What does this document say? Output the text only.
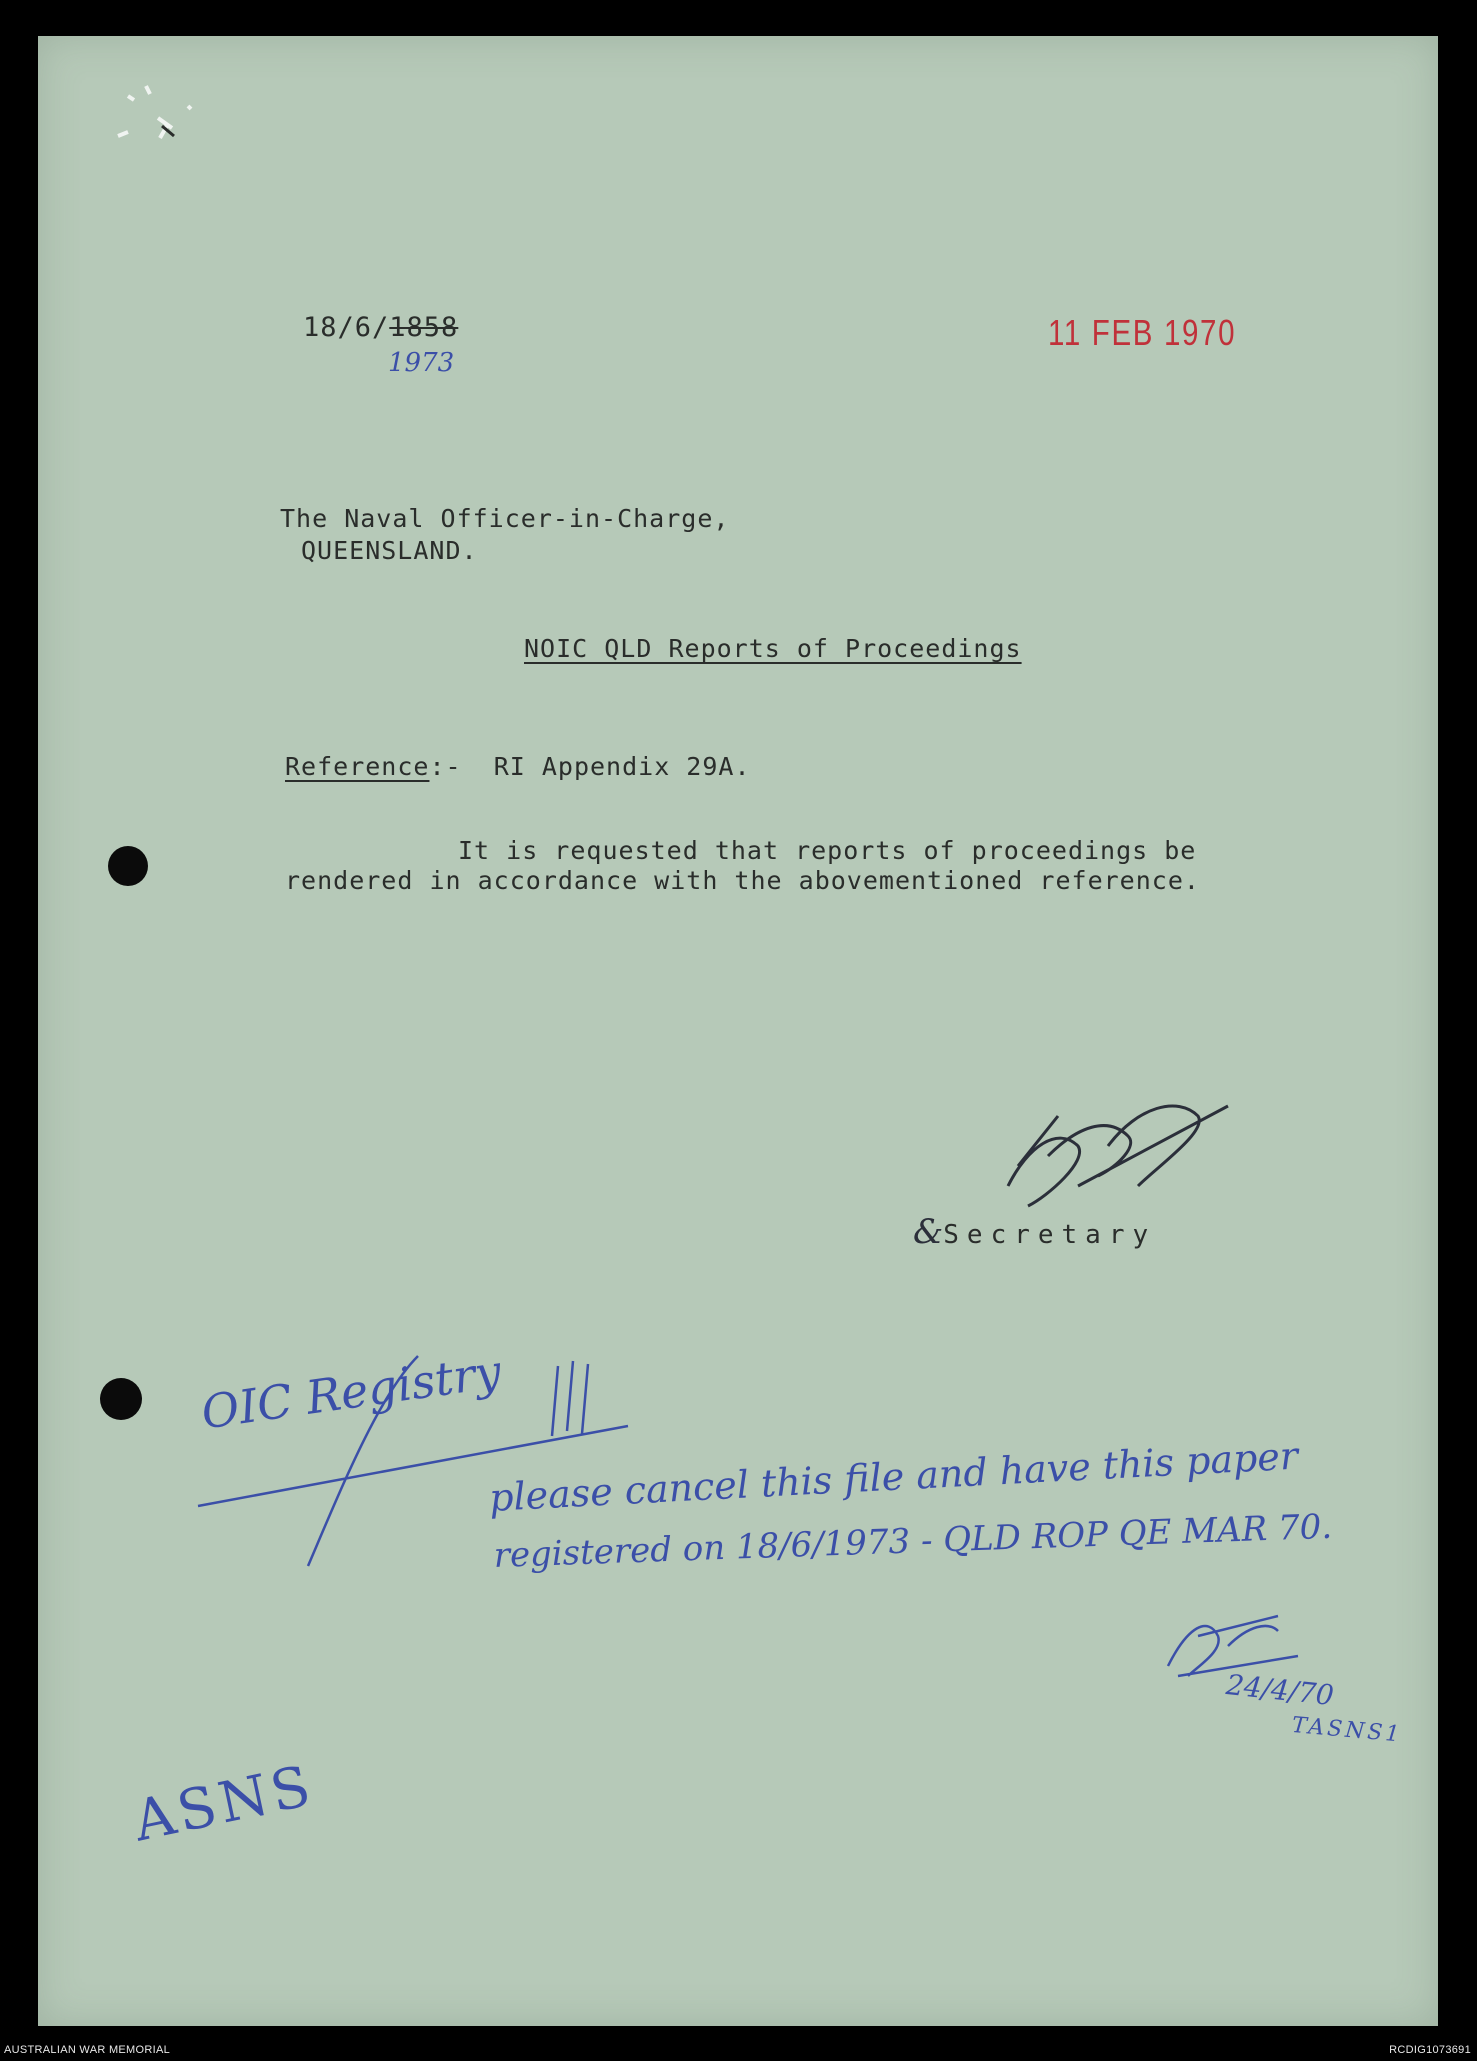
18/6/1858
1973
11 FEB 1970
The Naval Officer-in-Charge,
QUEENSLAND.
NOIC QLD Reports of Proceedings
Reference:- RI Appendix 29A.
It is requested that reports of proceedings be
rendered in accordance with the abovementioned reference.
&Secretary
OIC Registry
please cancel this file and have this paper
registered on 18/6/1973 - QLD ROP QE MAR 70.
24/4/70
TASNS1
ASNS
AUSTRALIAN WAR MEMORIAL	RCDIG1073691
